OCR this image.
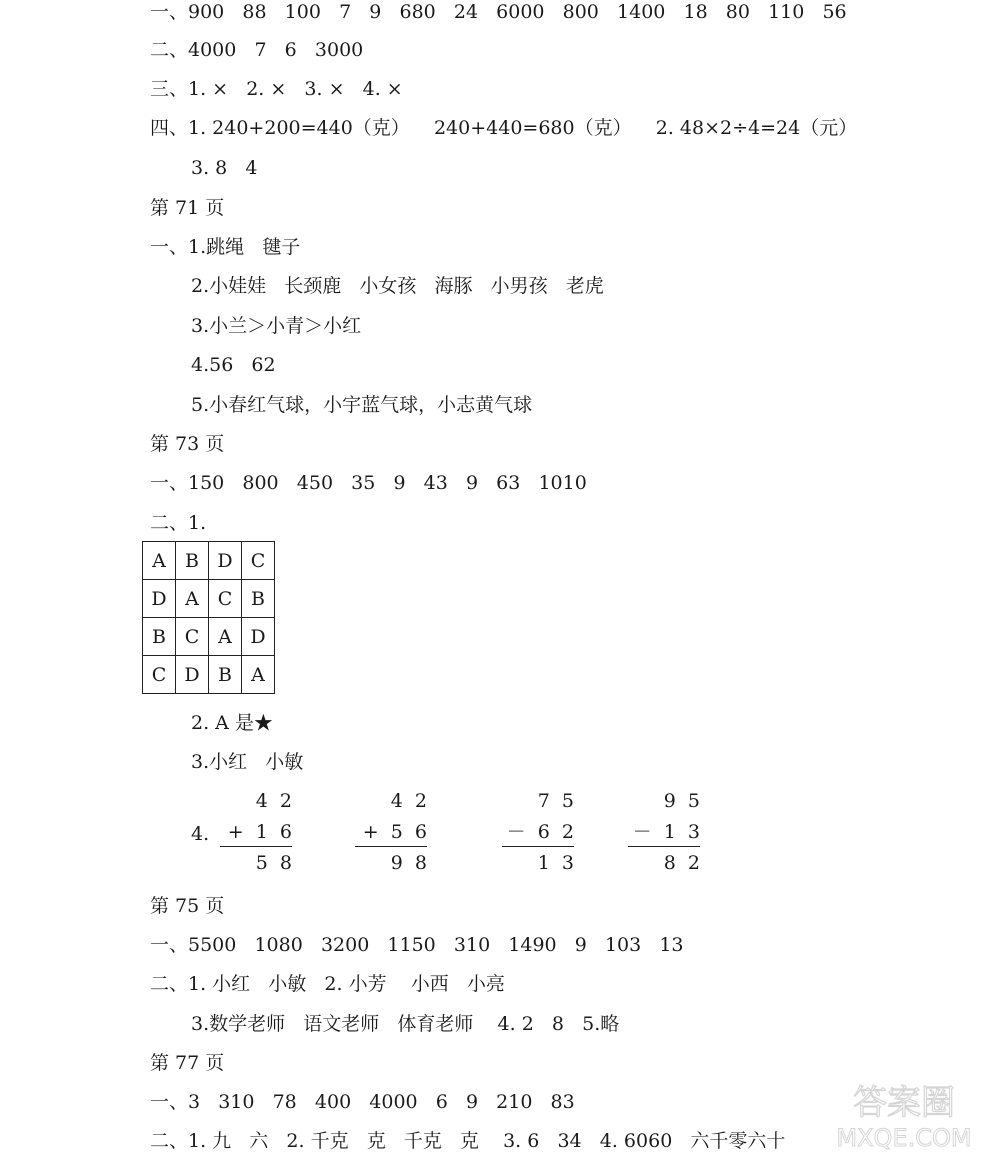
一、900   88   100   7   9   680   24   6000   800   1400   18   80   110   56
二、4000   7   6   3000
三、1. ×   2. ×   3. ×   4. ×
四、1. 240+200=440（克）    240+440=680（克）    2. 48×2÷4=24（元）
3. 8   4
第 71 页
一、1.跳绳   毽子
2.小娃娃   长颈鹿   小女孩   海豚   小男孩   老虎
3.小兰＞小青＞小红
4.56   62
5.小春红气球，小宇蓝气球，小志黄气球
第 73 页
一、150   800   450   35   9   43   9   63   1010
二、1.
2. A 是★
3.小红   小敏
第 75 页
一、5500   1080   3200   1150   310   1490   9   103   13
二、1. 小红   小敏   2. 小芳    小西   小亮
3.数学老师   语文老师   体育老师    4. 2   8   5.略
第 77 页
一、3   310   78   400   4000   6   9   210   83
二、1. 九   六   2. 千克   克   千克   克    3. 6   34   4. 6060   六千零六十
A	B	D	C
D	A	C	B
B	C	A	D
C	D	B	A
4.
4  2
+  1  6
5  8
4  2
+  5  6
9  8
7  5
－  6  2
1  3
9  5
－  1  3
8  2
答案圈
MXQE.COM
